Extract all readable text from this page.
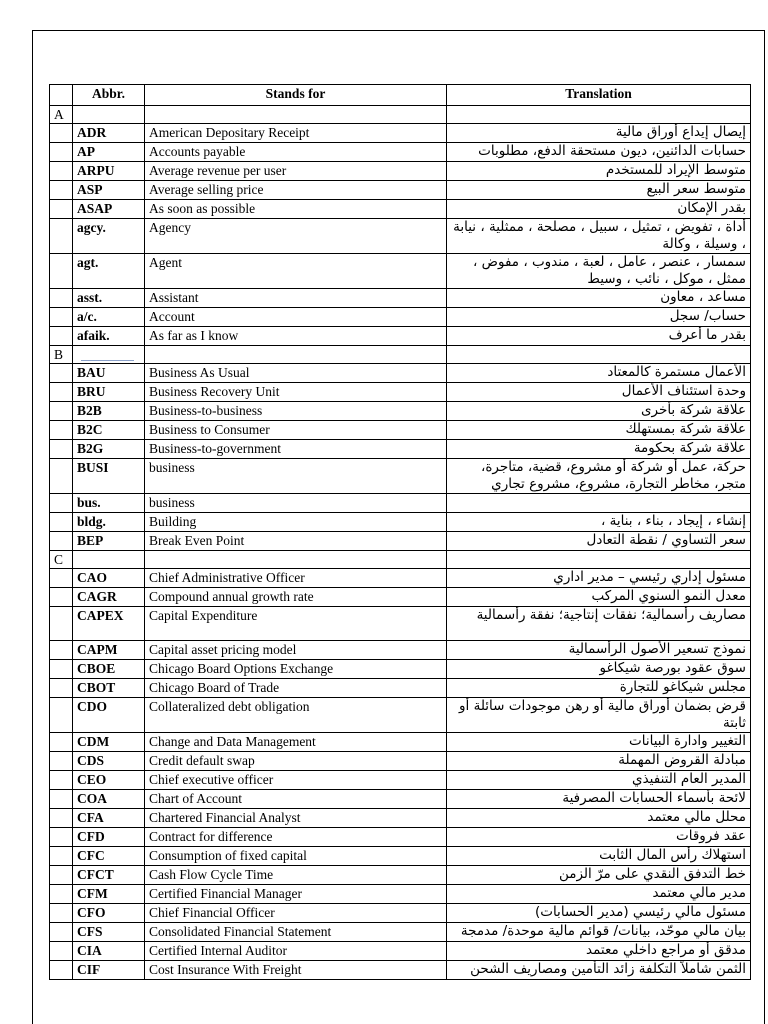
	Abbr.	Stands for	Translation
A			
	ADR	American Depositary Receipt	إيصال إيداع أوراق مالية
	AP	Accounts payable	حسابات الدائنين، ديون مستحقة الدفع، مطلوبات
	ARPU	Average revenue per user	متوسط الإيراد للمستخدم
	ASP	Average selling price	متوسط سعر البيع
	ASAP	As soon as possible	بقدر الإمكان
	agcy.	Agency	أداة ، تفويض ، تمثيل ، سبيل ، مصلحة ، ممثلية ، نيابة ، وسيلة ، وكالة
	agt.	Agent	سمسار ، عنصر ، عامل ، لعبة ، مندوب ، مفوض ، ممثل ، موكل ، نائب ، وسيط
	asst.	Assistant	مساعد ، معاون
	a/c.	Account	حساب/ سجل
	afaik.	As far as I know	بقدر ما أعرف
B	

	BAU	Business As Usual	الأعمال مستمرة كالمعتاد
	BRU	Business Recovery Unit	وحدة استئناف الأعمال
	B2B	Business-to-business	علاقة شركة بأخرى
	B2C	Business to Consumer	علاقة شركة بمستهلك
	B2G	Business-to-government	علاقة شركة بحكومة
	BUSI	business	حركة، عمل أو شركة أو مشروع، قضية، متاجرة، متجر، مخاطر التجارة، مشروع، مشروع تجاري
	bus.	business	
	bldg.	Building	إنشاء ، إيجاد ، بناء ، بناية ،
	BEP	Break Even Point	سعر التساوي / نقطة التعادل
C			
	CAO	Chief Administrative Officer	مسئول إداري رئيسي – مدير اداري
	CAGR	Compound annual growth rate	معدل النمو السنوي المركب
	CAPEX	Capital Expenditure	مصاريف رأسمالية؛ نفقات إنتاجية؛ نفقة رأسمالية
	CAPM	Capital asset pricing model	نموذج تسعير الأصول الرأسمالية
	CBOE	Chicago Board Options Exchange	سوق عقود بورصة شيكاغو
	CBOT	Chicago Board of Trade	مجلس شيكاغو للتجارة
	CDO	Collateralized debt obligation	قرض بضمان أوراق مالية أو رهن موجودات سائلة أو ثابتة
	CDM	Change and Data Management	التغيير وادارة البيانات
	CDS	Credit default swap	مبادلة القروض المهملة
	CEO	Chief executive officer	المدير العام التنفيذي
	COA	Chart of Account	لائحة بأسماء الحسابات المصرفية
	CFA	Chartered Financial Analyst	محلل مالي معتمد
	CFD	Contract for difference	عقد فروقات
	CFC	Consumption of fixed capital	استهلاك رأس المال الثابت
	CFCT	Cash Flow Cycle Time	خط التدفق النقدي على مرّ الزمن
	CFM	Certified Financial Manager	مدير مالي معتمد
	CFO	Chief Financial Officer	مسئول مالي رئيسي (مدير الحسابات)
	CFS	Consolidated Financial Statement	بيان مالي موحّد، بيانات/ قوائم مالية موحدة/ مدمجة
	CIA	Certified Internal Auditor	مدقق أو مراجع داخلي معتمد
	CIF	Cost Insurance With Freight	الثمن شاملاً التكلفة زائد التأمين ومصاريف الشحن
